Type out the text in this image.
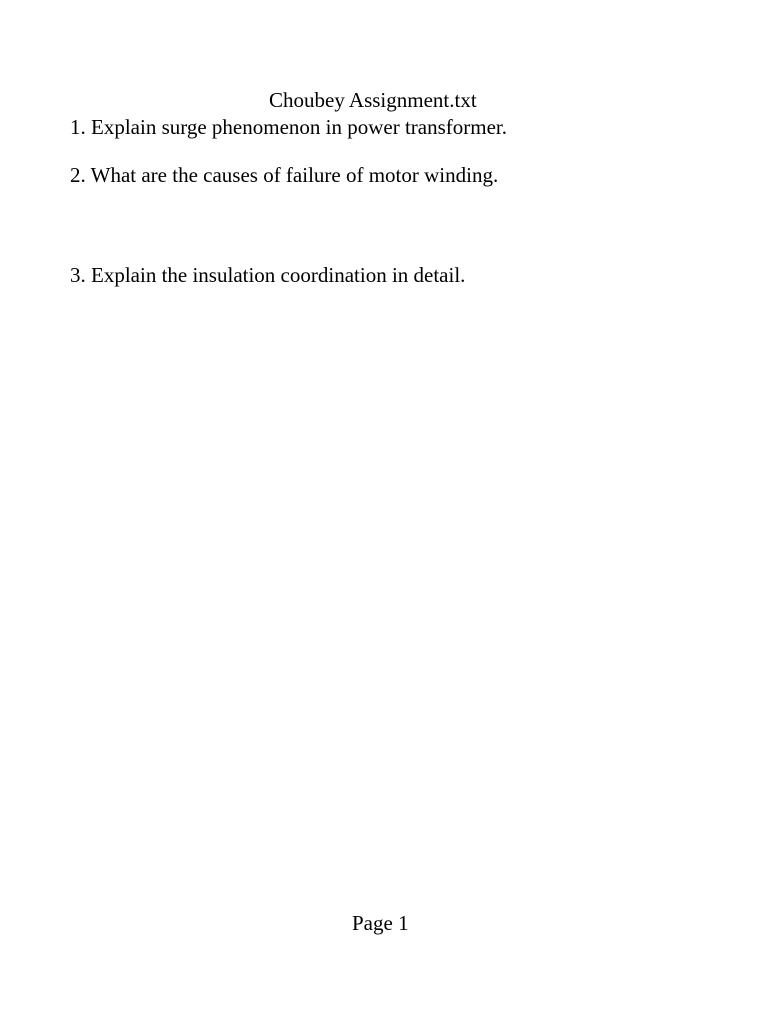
Choubey Assignment.txt
1. Explain surge phenomenon in power transformer.
2. What are the causes of failure of motor winding.
3. Explain the insulation coordination in detail.
Page 1
